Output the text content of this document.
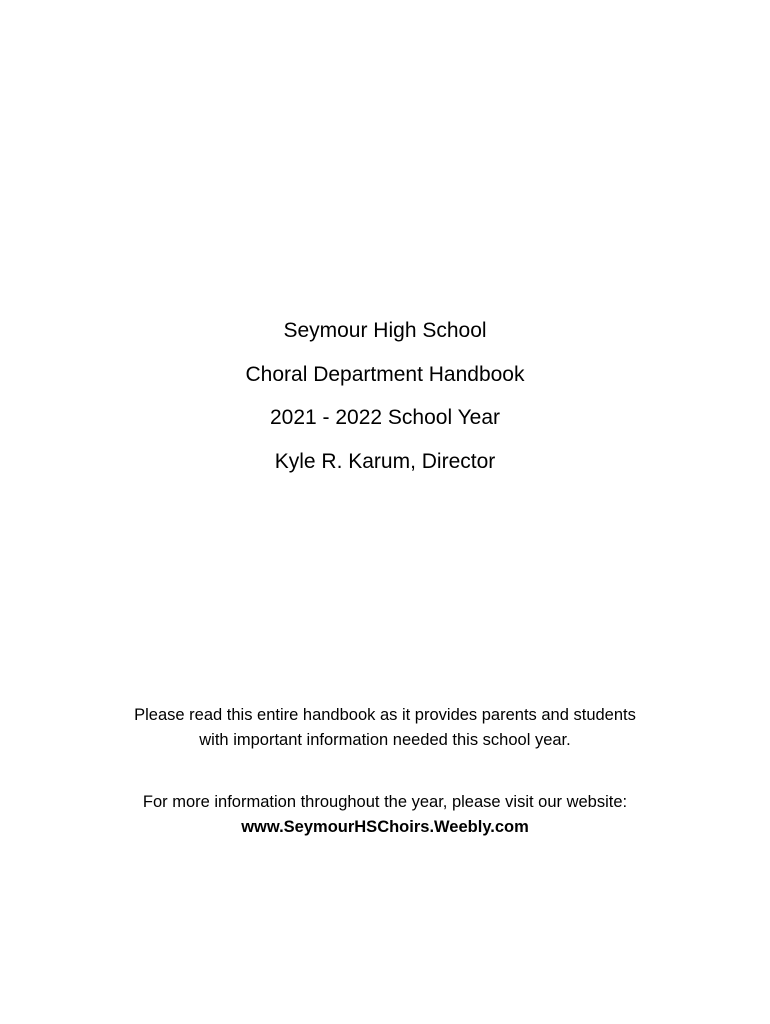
Seymour High School
Choral Department Handbook
2021 - 2022 School Year
Kyle R. Karum, Director
Please read this entire handbook as it provides parents and students
with important information needed this school year.
For more information throughout the year, please visit our website:
www.SeymourHSChoirs.Weebly.com
